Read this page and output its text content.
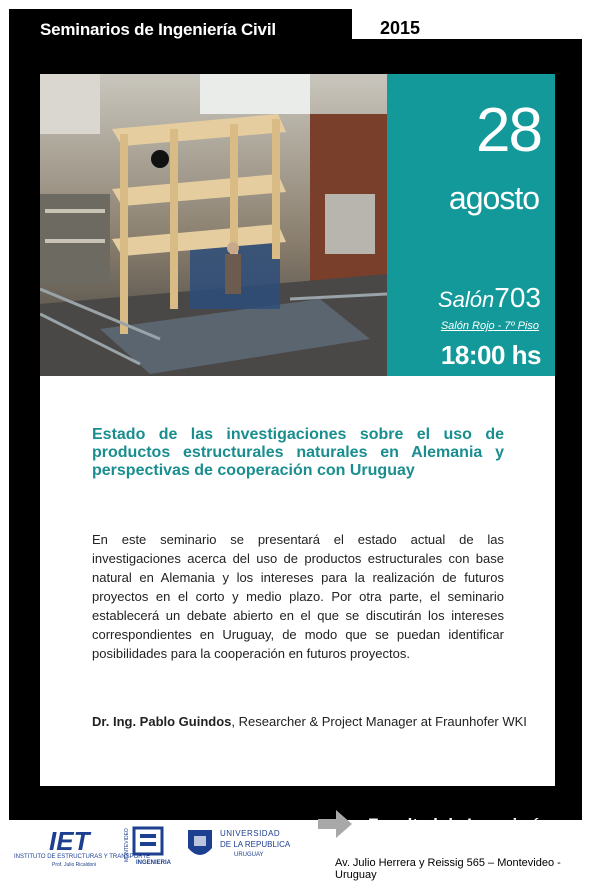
Seminarios de Ingeniería Civil	2015
28
agosto
Salón703
Salón Rojo - 7º Piso
18:00 hs
Estado de las investigaciones sobre el uso de productos estructurales naturales en Alemania y perspectivas de cooperación con Uruguay
En este seminario se presentará el estado actual de las investigaciones acerca del uso de productos estructurales con base natural en Alemania y los intereses para la realización de futuros proyectos en el corto y medio plazo. Por otra parte, el seminario establecerá un debate abierto en el que se discutirán los intereses correspondientes en Uruguay, de modo que se puedan identificar posibilidades para la cooperación en futuros proyectos.
Dr. Ing. Pablo Guindos, Researcher & Project Manager at Fraunhofer WKI
Facultad de Ingeniería
IET
INSTITUTO DE ESTRUCTURAS Y TRANSPORTE
Prof. Julio Ricaldoni	INGENIERIA
MONTEVIDEO	UNIVERSIDAD
DE LA REPUBLICA
URUGUAY
Av. Julio Herrera y Reissig 565 – Montevideo - Uruguay
